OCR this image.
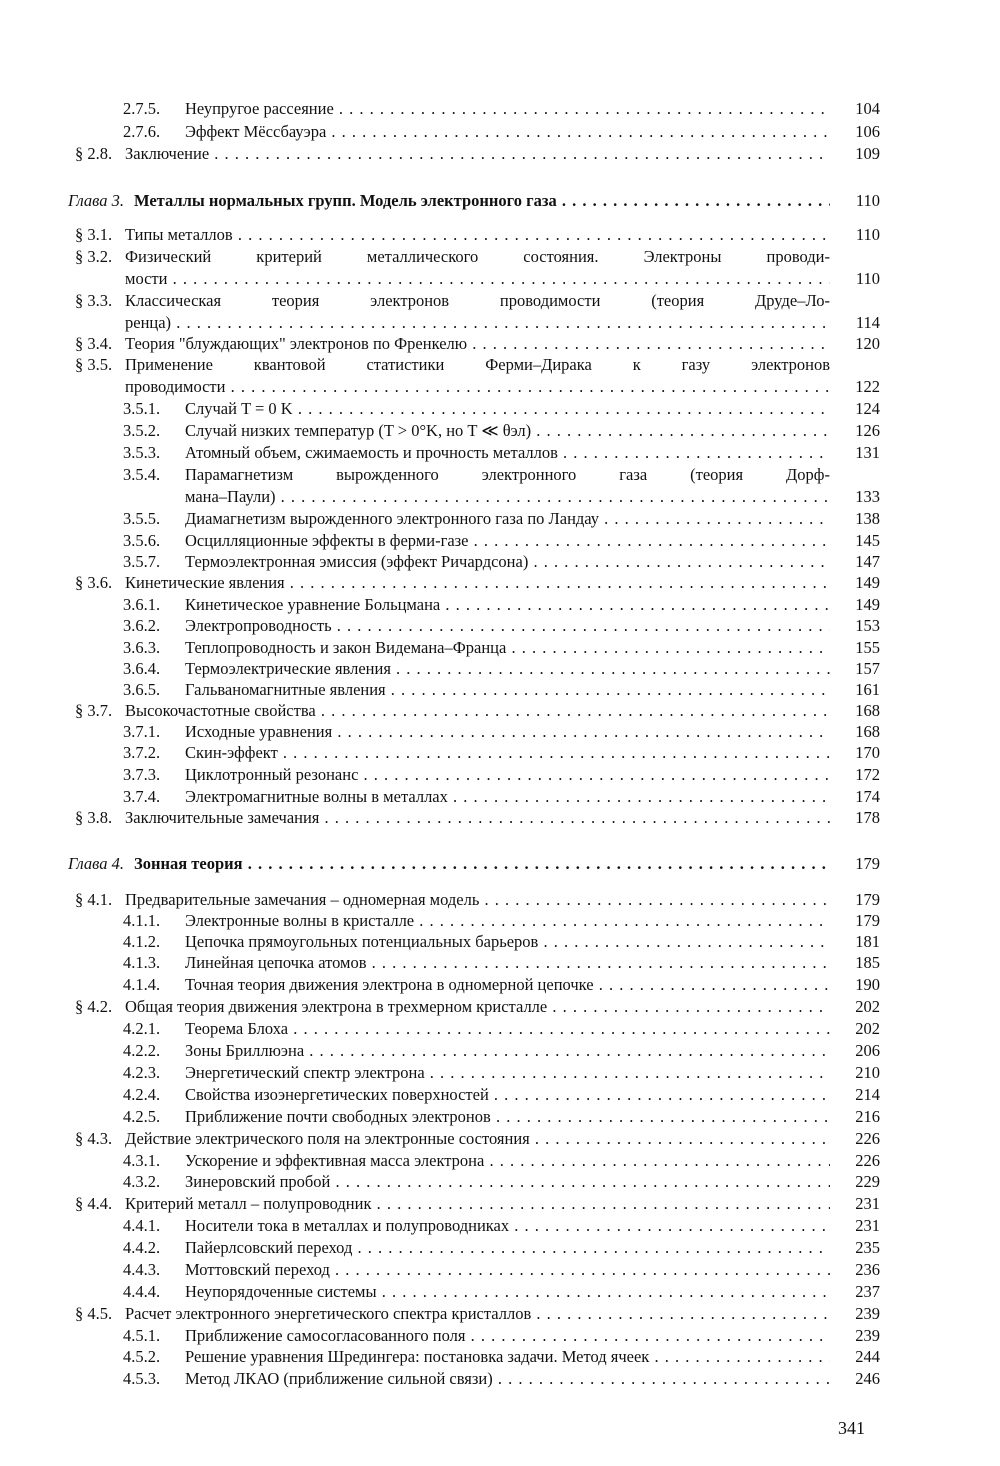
2.7.5. Неупругое рассеяние . . .	104
2.7.6. Эффект Мёссбауэра . . .	106
§ 2.8. Заключение . . .	109
Глава 3. Металлы нормальных групп. Модель электронного газа . . .	110
§ 3.1. Типы металлов . . .	110
§ 3.2. Физический критерий металлического состояния. Электроны проводи-
мости . . .	110
§ 3.3. Классическая теория электронов проводимости (теория Друде–Ло-
ренца) . . .	114
§ 3.4. Теория "блуждающих" электронов по Френкелю . . .	120
§ 3.5. Применение квантовой статистики Ферми–Дирака к газу электронов
проводимости . . .	122
3.5.1. Случай T = 0 K . . .	124
3.5.2. Случай низких температур (T > 0°K, но T ≪ θэл) . . .	126
3.5.3. Атомный объем, сжимаемость и прочность металлов . . .	131
3.5.4. Парамагнетизм вырожденного электронного газа (теория Дорф-
мана–Паули) . . .	133
3.5.5. Диамагнетизм вырожденного электронного газа по Ландау . . .	138
3.5.6. Осцилляционные эффекты в ферми-газе . . .	145
3.5.7. Термоэлектронная эмиссия (эффект Ричардсона) . . .	147
§ 3.6. Кинетические явления . . .	149
3.6.1. Кинетическое уравнение Больцмана . . .	149
3.6.2. Электропроводность . . .	153
3.6.3. Теплопроводность и закон Видемана–Франца . . .	155
3.6.4. Термоэлектрические явления . . .	157
3.6.5. Гальваномагнитные явления . . .	161
§ 3.7. Высокочастотные свойства . . .	168
3.7.1. Исходные уравнения . . .	168
3.7.2. Скин-эффект . . .	170
3.7.3. Циклотронный резонанс . . .	172
3.7.4. Электромагнитные волны в металлах . . .	174
§ 3.8. Заключительные замечания . . .	178
Глава 4. Зонная теория . . .	179
§ 4.1. Предварительные замечания – одномерная модель . . .	179
4.1.1. Электронные волны в кристалле . . .	179
4.1.2. Цепочка прямоугольных потенциальных барьеров . . .	181
4.1.3. Линейная цепочка атомов . . .	185
4.1.4. Точная теория движения электрона в одномерной цепочке . . .	190
§ 4.2. Общая теория движения электрона в трехмерном кристалле . . .	202
4.2.1. Теорема Блоха . . .	202
4.2.2. Зоны Бриллюэна . . .	206
4.2.3. Энергетический спектр электрона . . .	210
4.2.4. Свойства изоэнергетических поверхностей . . .	214
4.2.5. Приближение почти свободных электронов . . .	216
§ 4.3. Действие электрического поля на электронные состояния . . .	226
4.3.1. Ускорение и эффективная масса электрона . . .	226
4.3.2. Зинеровский пробой . . .	229
§ 4.4. Критерий металл – полупроводник . . .	231
4.4.1. Носители тока в металлах и полупроводниках . . .	231
4.4.2. Пайерлсовский переход . . .	235
4.4.3. Моттовский переход . . .	236
4.4.4. Неупорядоченные системы . . .	237
§ 4.5. Расчет электронного энергетического спектра кристаллов . . .	239
4.5.1. Приближение самосогласованного поля . . .	239
4.5.2. Решение уравнения Шредингера: постановка задачи. Метод ячеек . . .	244
4.5.3. Метод ЛКАО (приближение сильной связи) . . .	246
341
